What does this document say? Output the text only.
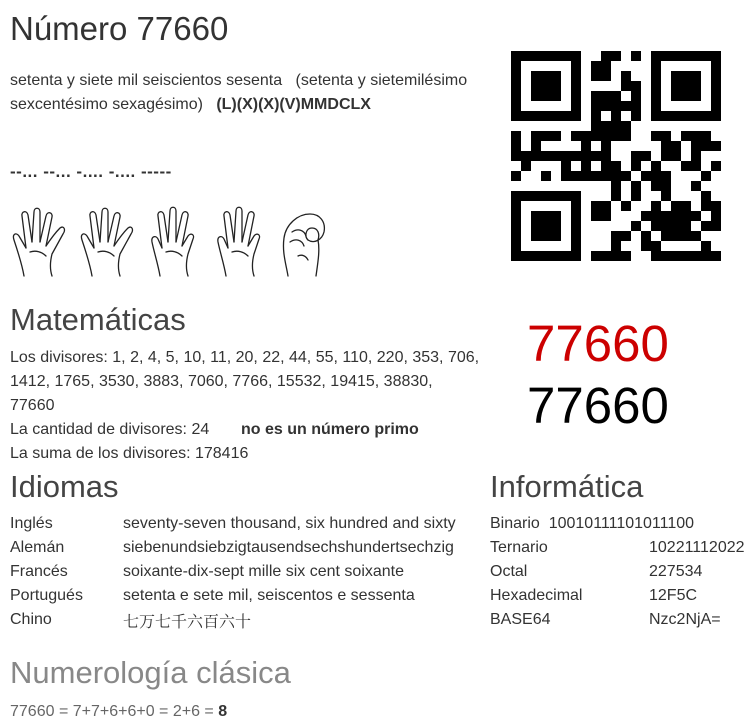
Número 77660
setenta y siete mil seiscientos sesenta (setenta y sietemilésimo sexcentésimo sexagésimo) (L)(X)(X)(V)MMDCLX
--... --... -.... -.... -----
Matemáticas
Los divisores: 1, 2, 4, 5, 10, 11, 20, 22, 44, 55, 110, 220, 353, 706, 1412, 1765, 3530, 3883, 7060, 7766, 15532, 19415, 38830, 77660
La cantidad de divisores: 24 no es un número primo
La suma de los divisores: 178416
77660
77660
Idiomas
Inglés	seventy-seven thousand, six hundred and sixty
Alemán	siebenundsiebzigtausendsechshundertsechzig
Francés	soixante-dix-sept mille six cent soixante
Portugués	setenta e sete mil, seiscentos e sessenta
Chino	七万七千六百六十
Informática
Binario 10010111101011100	
Ternario	10221112022
Octal	227534
Hexadecimal	12F5C
BASE64	Nzc2NjA=
Numerología clásica
77660 = 7+7+6+6+0 = 2+6 = 8
